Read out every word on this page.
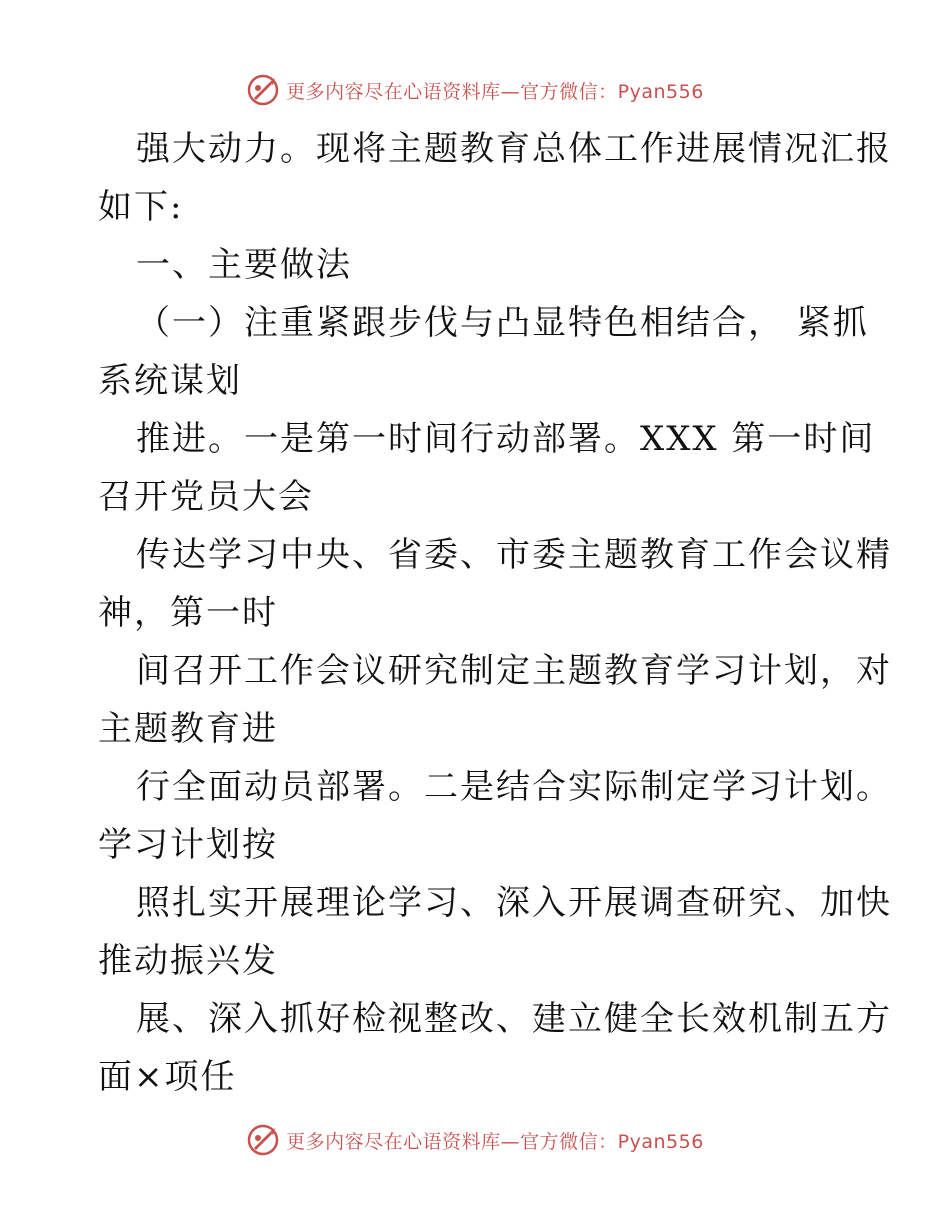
更多内容尽在心语资料库—官方微信：Pyan556
强大动力。现将主题教育总体工作进展情况汇报
如下:
一、主要做法
（一）注重紧跟步伐与凸显特色相结合， 紧抓
系统谋划
推进。一是第一时间行动部署。XXX 第一时间
召开党员大会
传达学习中央、省委、市委主题教育工作会议精
神，第一时
间召开工作会议研究制定主题教育学习计划，对
主题教育进
行全面动员部署。二是结合实际制定学习计划。
学习计划按
照扎实开展理论学习、深入开展调查研究、加快
推动振兴发
展、深入抓好检视整改、建立健全长效机制五方
面×项任
更多内容尽在心语资料库—官方微信：Pyan556
